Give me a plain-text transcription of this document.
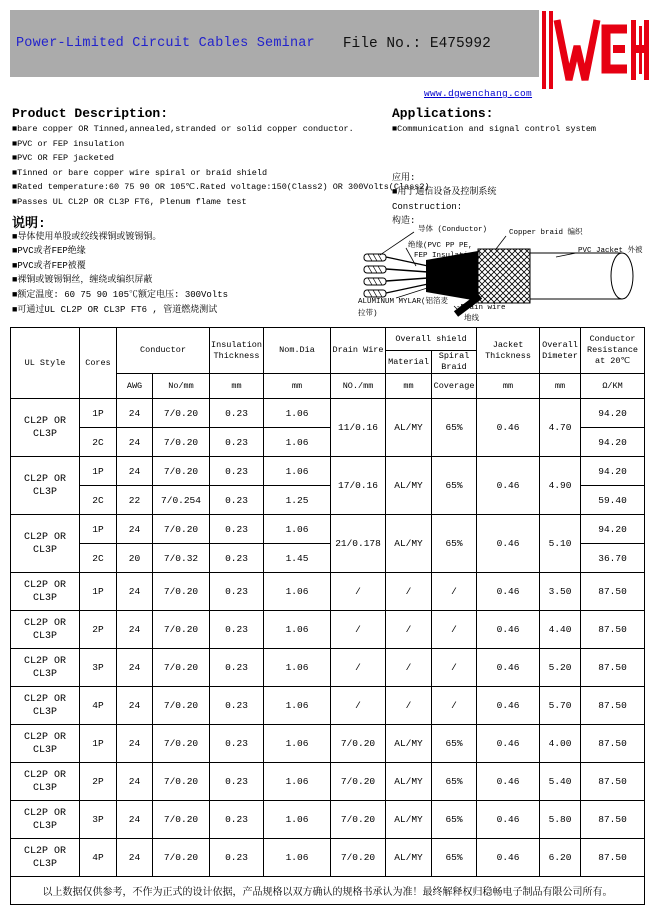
Power-Limited Circuit Cables Seminar File No.: E475992
www.dgwenchang.com
Product Description:
■bare copper OR Tinned,annealed,stranded or solid copper conductor.
■PVC or FEP insulation
■PVC OR FEP jacketed
■Tinned or bare copper wire spiral or braid shield
■Rated temperature:60 75 90 OR 105℃.Rated voltage:150(Class2) OR 300Volts(Class2)
■Passes UL CL2P OR CL3P FT6, Plenum flame test
说明:
■导体使用单股或绞线裸铜或镀锡铜。
■PVC或者FEP绝缘
■PVC或者FEP被覆
■裸铜或镀锡铜丝，缠绕或编织屏蔽
■额定温度: 60 75 90 105℃额定电压: 300Volts
■可通过UL CL2P OR CL3P FT6 , 管道燃烧测试
Applications:
■Communication and signal control system
应用:
■用于通信设备及控制系统
Construction:
构造:
导体 (Conductor)
绝缘(PVC PP PE,
FEP Insulation)
Copper braid 编织
PVC Jacket 外被
ALUMINUM MYLAR(铝箔麦
拉带)
-Drain wire
地线
UL Style	Cores	Conductor		Insulation Thickness	Nom.Dia	Drain Wire	Overall shield		Jacket Thickness	Overall Dimeter	Conductor Resistance at 20℃
							Material	Spiral Braid			
		AWG	No/mm	mm	mm	NO./mm	mm	Coverage	mm	mm	Ω/KM
CL2P OR CL3P	1P	24	7/0.20	0.23	1.06	11/0.16	AL/MY	65%	0.46	4.70	94.20
	2C	24	7/0.20	0.23	1.06						94.20
CL2P OR CL3P	1P	24	7/0.20	0.23	1.06	17/0.16	AL/MY	65%	0.46	4.90	94.20
	2C	22	7/0.254	0.23	1.25						59.40
CL2P OR CL3P	1P	24	7/0.20	0.23	1.06	21/0.178	AL/MY	65%	0.46	5.10	94.20
	2C	20	7/0.32	0.23	1.45						36.70
CL2P OR CL3P	1P	24	7/0.20	0.23	1.06	/	/	/	0.46	3.50	87.50
CL2P OR CL3P	2P	24	7/0.20	0.23	1.06	/	/	/	0.46	4.40	87.50
CL2P OR CL3P	3P	24	7/0.20	0.23	1.06	/	/	/	0.46	5.20	87.50
CL2P OR CL3P	4P	24	7/0.20	0.23	1.06	/	/	/	0.46	5.70	87.50
CL2P OR CL3P	1P	24	7/0.20	0.23	1.06	7/0.20	AL/MY	65%	0.46	4.00	87.50
CL2P OR CL3P	2P	24	7/0.20	0.23	1.06	7/0.20	AL/MY	65%	0.46	5.40	87.50
CL2P OR CL3P	3P	24	7/0.20	0.23	1.06	7/0.20	AL/MY	65%	0.46	5.80	87.50
CL2P OR CL3P	4P	24	7/0.20	0.23	1.06	7/0.20	AL/MY	65%	0.46	6.20	87.50
以上数据仅供参考，不作为正式的设计依据，产品规格以双方确认的规格书承认为准！最终解释权归稳畅电子制品有限公司所有。											
